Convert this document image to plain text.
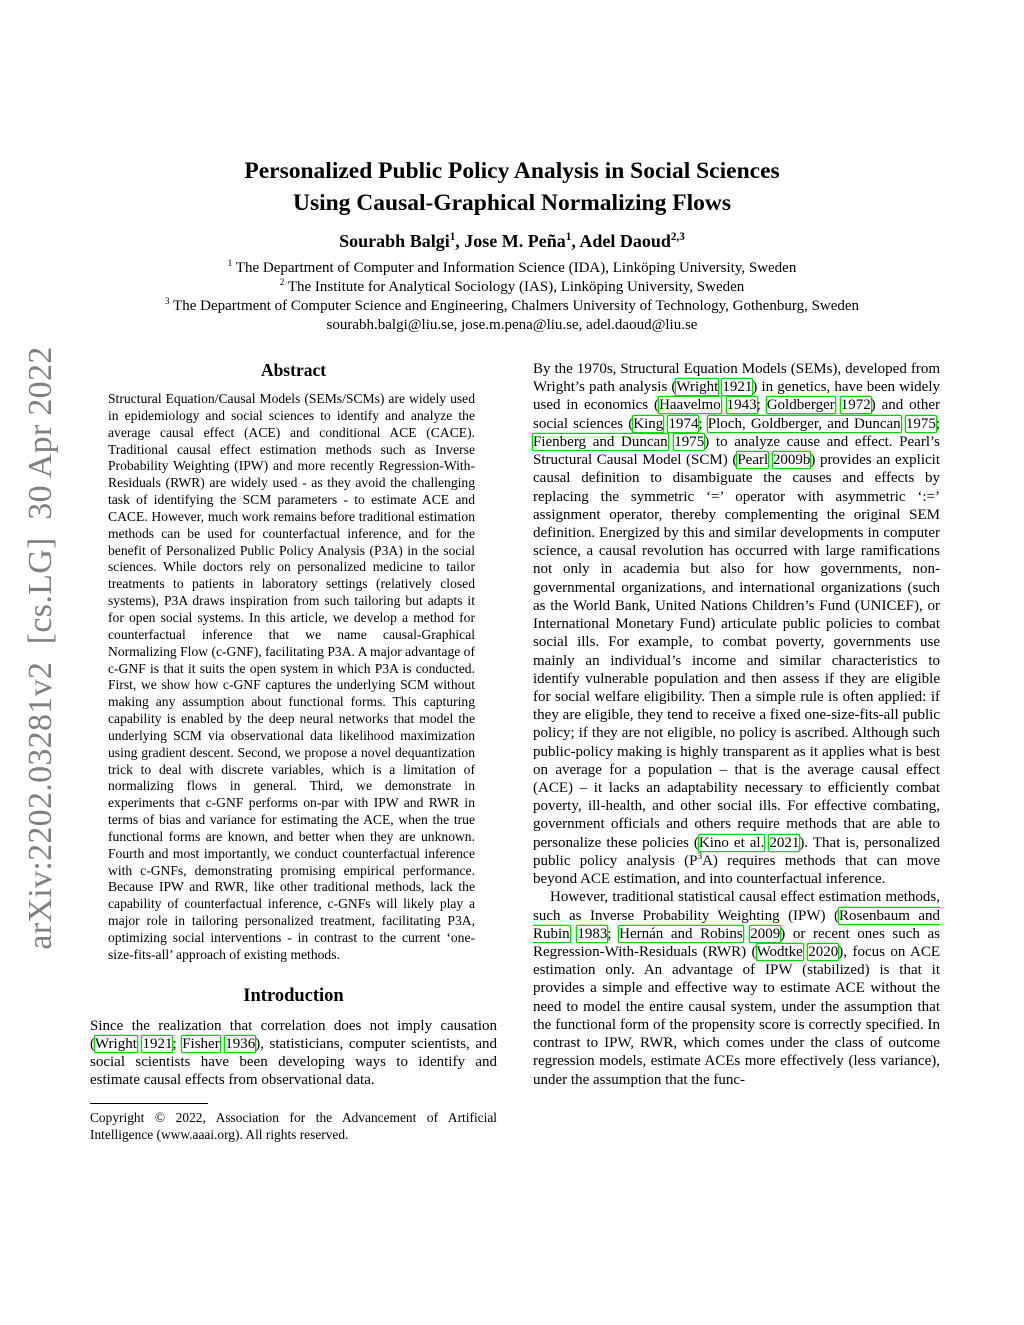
arXiv:2202.03281v2  [cs.LG]  30 Apr 2022
Personalized Public Policy Analysis in Social Sciences
Using Causal-Graphical Normalizing Flows
Sourabh Balgi$^1$, Jose M. Peña$^1$, Adel Daoud$^{2,3}$
$^1$ The Department of Computer and Information Science (IDA), Linköping University, Sweden
$^2$ The Institute for Analytical Sociology (IAS), Linköping University, Sweden
$^3$ The Department of Computer Science and Engineering, Chalmers University of Technology, Gothenburg, Sweden
sourabh.balgi@liu.se, jose.m.pena@liu.se, adel.daoud@liu.se
Abstract

Structural Equation/Causal Models (SEMs/SCMs) are widely used in epidemiology and social sciences to identify and analyze the average causal effect (ACE) and conditional ACE (CACE). Traditional causal effect estimation methods such as Inverse Probability Weighting (IPW) and more recently Regression-With-Residuals (RWR) are widely used - as they avoid the challenging task of identifying the SCM parameters - to estimate ACE and CACE. However, much work remains before traditional estimation methods can be used for counterfactual inference, and for the benefit of Personalized Public Policy Analysis (P3A) in the social sciences. While doctors rely on personalized medicine to tailor treatments to patients in laboratory settings (relatively closed systems), P3A draws inspiration from such tailoring but adapts it for open social systems. In this article, we develop a method for counterfactual inference that we name causal-Graphical Normalizing Flow (c-GNF), facilitating P3A. A major advantage of c-GNF is that it suits the open system in which P3A is conducted. First, we show how c-GNF captures the underlying SCM without making any assumption about functional forms. This capturing capability is enabled by the deep neural networks that model the underlying SCM via observational data likelihood maximization using gradient descent. Second, we propose a novel dequantization trick to deal with discrete variables, which is a limitation of normalizing flows in general. Third, we demonstrate in experiments that c-GNF performs on-par with IPW and RWR in terms of bias and variance for estimating the ACE, when the true functional forms are known, and better when they are unknown. Fourth and most importantly, we conduct counterfactual inference with c-GNFs, demonstrating promising empirical performance. Because IPW and RWR, like other traditional methods, lack the capability of counterfactual inference, c-GNFs will likely play a major role in tailoring personalized treatment, facilitating P3A, optimizing social interventions - in contrast to the current ‘one-size-fits-all’ approach of existing methods.

Introduction

Since the realization that correlation does not imply causation (Wright 1921; Fisher 1936), statisticians, computer scientists, and social scientists have been developing ways to identify and estimate causal effects from observational data.

Copyright © 2022, Association for the Advancement of Artificial Intelligence (www.aaai.org). All rights reserved.

By the 1970s, Structural Equation Models (SEMs), developed from Wright’s path analysis (Wright 1921) in genetics, have been widely used in economics (Haavelmo 1943; Goldberger 1972) and other social sciences (King 1974; Ploch, Goldberger, and Duncan 1975; Fienberg and Duncan 1975) to analyze cause and effect. Pearl’s Structural Causal Model (SCM) (Pearl 2009b) provides an explicit causal definition to disambiguate the causes and effects by replacing the symmetric ‘=’ operator with asymmetric ‘:=’ assignment operator, thereby complementing the original SEM definition. Energized by this and similar developments in computer science, a causal revolution has occurred with large ramifications not only in academia but also for how governments, non-governmental organizations, and international organizations (such as the World Bank, United Nations Children’s Fund (UNICEF), or International Monetary Fund) articulate public policies to combat social ills. For example, to combat poverty, governments use mainly an individual’s income and similar characteristics to identify vulnerable population and then assess if they are eligible for social welfare eligibility. Then a simple rule is often applied: if they are eligible, they tend to receive a fixed one-size-fits-all public policy; if they are not eligible, no policy is ascribed. Although such public-policy making is highly transparent as it applies what is best on average for a population – that is the average causal effect (ACE) – it lacks an adaptability necessary to efficiently combat poverty, ill-health, and other social ills. For effective combating, government officials and others require methods that are able to personalize these policies (Kino et al. 2021). That is, personalized public policy analysis $(P^3A)$ requires methods that can move beyond ACE estimation, and into counterfactual inference.

However, traditional statistical causal effect estimation methods, such as Inverse Probability Weighting (IPW) (Rosenbaum and Rubin 1983; Hernán and Robins 2009) or recent ones such as Regression-With-Residuals (RWR) (Wodtke 2020), focus on ACE estimation only. An advantage of IPW (stabilized) is that it provides a simple and effective way to estimate ACE without the need to model the entire causal system, under the assumption that the functional form of the propensity score is correctly specified. In contrast to IPW, RWR, which comes under the class of outcome regression models, estimate ACEs more effectively (less variance), under the assumption that the func-
